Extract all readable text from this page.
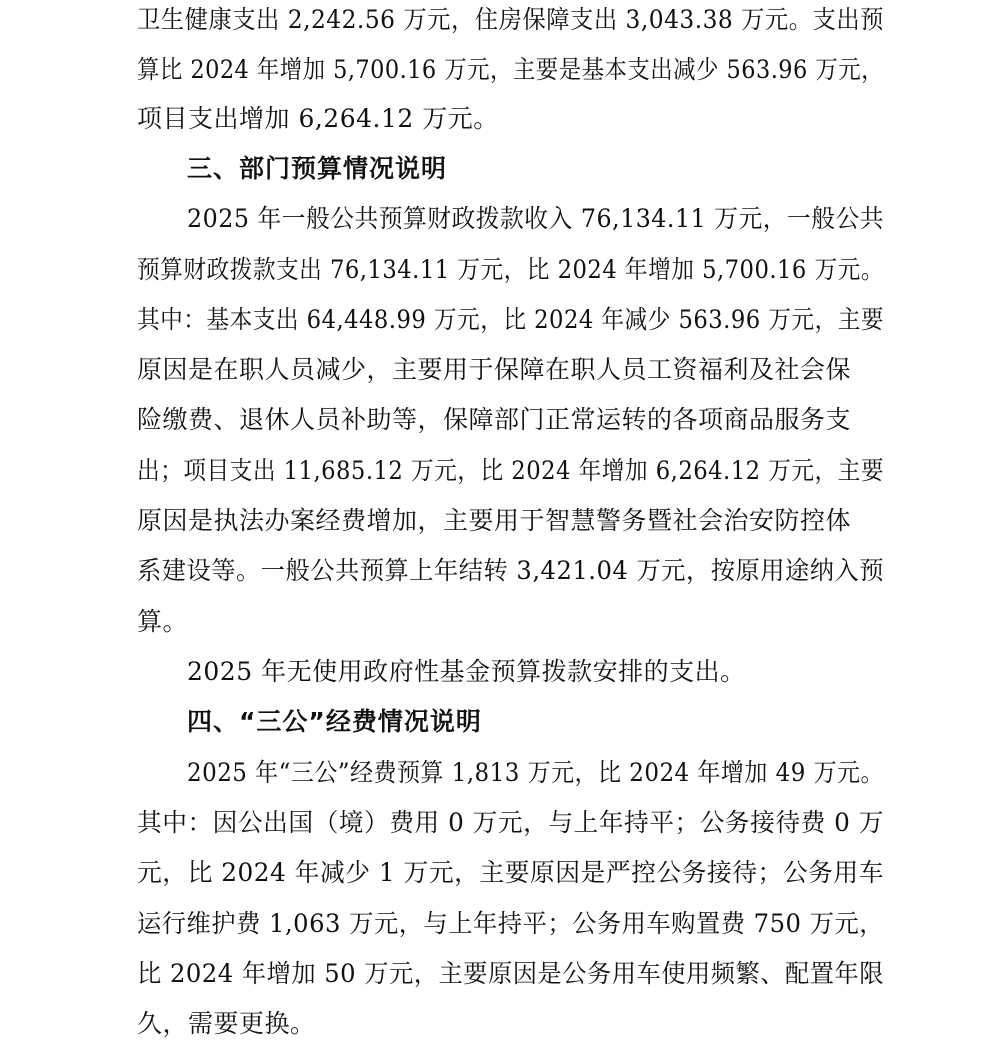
卫生健康支出 2,242.56 万元，住房保障支出 3,043.38 万元。支出预
算比 2024 年增加 5,700.16 万元，主要是基本支出减少 563.96 万元，
项目支出增加 6,264.12 万元。
三、部门预算情况说明
2025 年一般公共预算财政拨款收入 76,134.11 万元，一般公共
预算财政拨款支出 76,134.11 万元，比 2024 年增加 5,700.16 万元。
其中：基本支出 64,448.99 万元，比 2024 年减少 563.96 万元，主要
原因是在职人员减少，主要用于保障在职人员工资福利及社会保
险缴费、退休人员补助等，保障部门正常运转的各项商品服务支
出；项目支出 11,685.12 万元，比 2024 年增加 6,264.12 万元，主要
原因是执法办案经费增加，主要用于智慧警务暨社会治安防控体
系建设等。一般公共预算上年结转 3,421.04 万元，按原用途纳入预
算。
2025 年无使用政府性基金预算拨款安排的支出。
四、“三公”经费情况说明
2025 年“三公”经费预算 1,813 万元，比 2024 年增加 49 万元。
其中：因公出国（境）费用 0 万元，与上年持平；公务接待费 0 万
元，比 2024 年减少 1 万元，主要原因是严控公务接待；公务用车
运行维护费 1,063 万元，与上年持平；公务用车购置费 750 万元，
比 2024 年增加 50 万元，主要原因是公务用车使用频繁、配置年限
久，需要更换。
